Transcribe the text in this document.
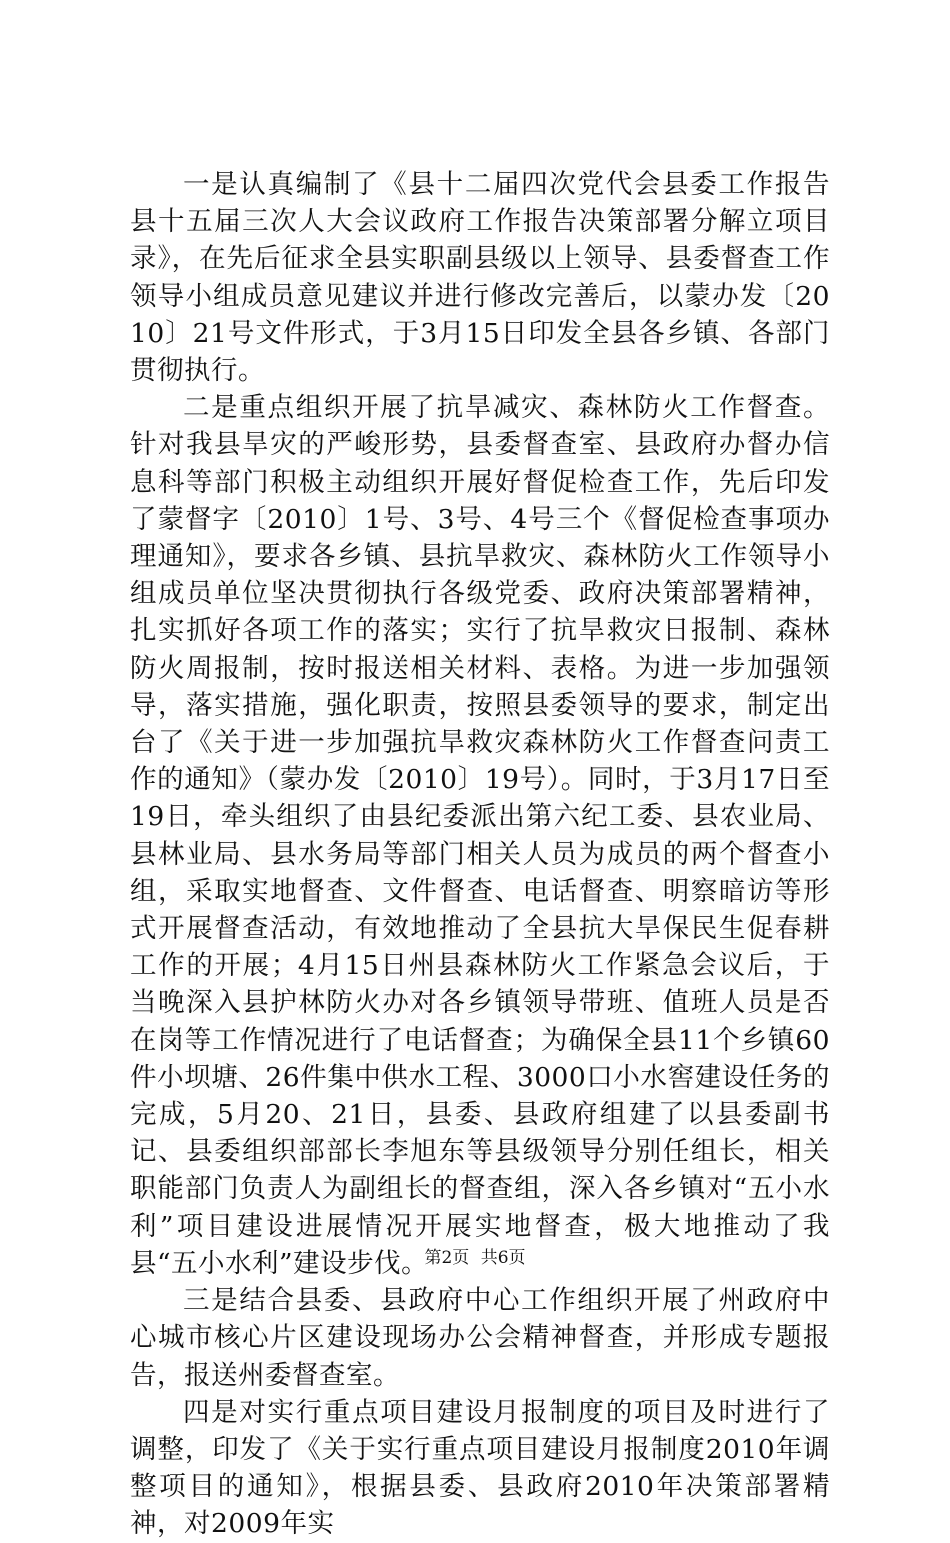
一是认真编制了《县十二届四次党代会县委工作报告县十五届三次人大会议政府工作报告决策部署分解立项目录》，在先后征求全县实职副县级以上领导、县委督查工作领导小组成员意见建议并进行修改完善后，以蒙办发〔2010〕21号文件形式，于3月15日印发全县各乡镇、各部门贯彻执行。

二是重点组织开展了抗旱减灾、森林防火工作督查。针对我县旱灾的严峻形势，县委督查室、县政府办督办信息科等部门积极主动组织开展好督促检查工作，先后印发了蒙督字〔2010〕1号、3号、4号三个《督促检查事项办理通知》，要求各乡镇、县抗旱救灾、森林防火工作领导小组成员单位坚决贯彻执行各级党委、政府决策部署精神，扎实抓好各项工作的落实；实行了抗旱救灾日报制、森林防火周报制，按时报送相关材料、表格。为进一步加强领导，落实措施，强化职责，按照县委领导的要求，制定出台了《关于进一步加强抗旱救灾森林防火工作督查问责工作的通知》（蒙办发〔2010〕19号）。同时，于3月17日至19日，牵头组织了由县纪委派出第六纪工委、县农业局、县林业局、县水务局等部门相关人员为成员的两个督查小组，采取实地督查、文件督查、电话督查、明察暗访等形式开展督查活动，有效地推动了全县抗大旱保民生促春耕工作的开展；4月15日州县森林防火工作紧急会议后，于当晚深入县护林防火办对各乡镇领导带班、值班人员是否在岗等工作情况进行了电话督查；为确保全县11个乡镇60件小坝塘、26件集中供水工程、3000口小水窖建设任务的完成，5月20、21日，县委、县政府组建了以县委副书记、县委组织部部长李旭东等县级领导分别任组长，相关职能部门负责人为副组长的督查组，深入各乡镇对“五小水利”项目建设进展情况开展实地督查，极大地推动了我县“五小水利”建设步伐。

三是结合县委、县政府中心工作组织开展了州政府中心城市核心片区建设现场办公会精神督查，并形成专题报告，报送州委督查室。

四是对实行重点项目建设月报制度的项目及时进行了调整，印发了《关于实行重点项目建设月报制度2010年调整项目的通知》，根据县委、县政府2010年决策部署精神，对2009年实

第2页 共6页
